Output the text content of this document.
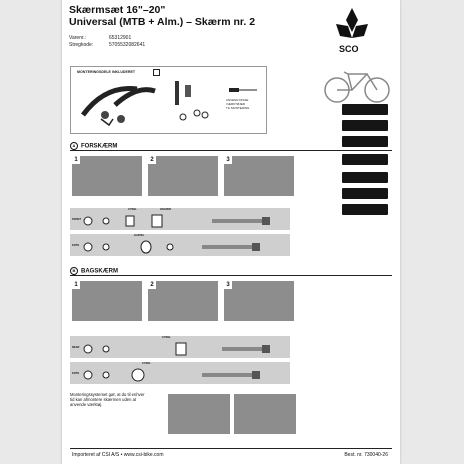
Skærmsæt 16"–20"
Universal (MTB + Alm.) – Skærm nr. 2
Varenr.:	65312901
Stregkode:	5705532082641	SCO
MONTERINGSDELE INKLUDERET
ANVEND DISSE
VÆRKTØJER
TIL MONTERING
A FORSKÆRM
1	2	3
FRONT
CYKEL	HOLDER
KOTE
GAFFEL
B BAGSKÆRM
1	2	3
REAR
CYKEL
KOTE
CYKEL
Monteringssystemet gør, at du til enhver tid kan afmontere skærmen uden at anvende værktøj.
Importeret af CSI A/S • www.csi-bike.com	Best. nr. 730040-26
